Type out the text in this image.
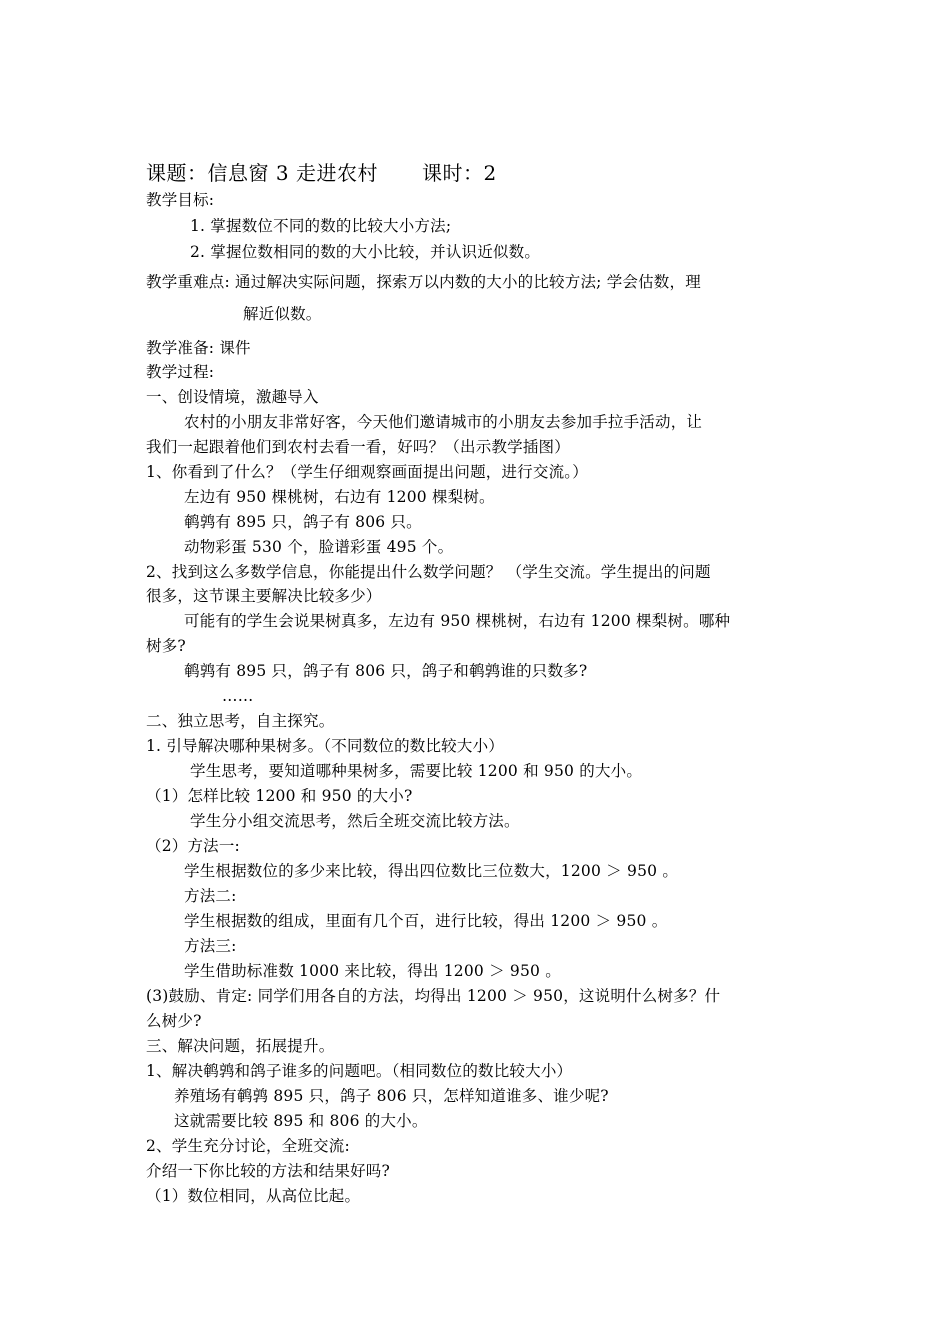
课题：信息窗 3 走进农村 课时：2
教学目标:
1. 掌握数位不同的数的比较大小方法;
2. 掌握位数相同的数的大小比较，并认识近似数。
教学重难点: 通过解决实际问题，探索万以内数的大小的比较方法; 学会估数，理
解近似数。
教学准备: 课件
教学过程:
一、创设情境，激趣导入
农村的小朋友非常好客，今天他们邀请城市的小朋友去参加手拉手活动，让
我们一起跟着他们到农村去看一看，好吗？（出示教学插图）
1、你看到了什么？（学生仔细观察画面提出问题，进行交流。）
左边有 950 棵桃树，右边有 1200 棵梨树。
鹌鹑有 895 只，鸽子有 806 只。
动物彩蛋 530 个，脸谱彩蛋 495 个。
2、找到这么多数学信息，你能提出什么数学问题？ （学生交流。学生提出的问题
很多，这节课主要解决比较多少）
可能有的学生会说果树真多，左边有 950 棵桃树，右边有 1200 棵梨树。哪种
树多?
鹌鹑有 895 只，鸽子有 806 只，鸽子和鹌鹑谁的只数多?
……
二、独立思考，自主探究。
1. 引导解决哪种果树多。（不同数位的数比较大小）
学生思考，要知道哪种果树多，需要比较 1200 和 950 的大小。
（1）怎样比较 1200 和 950 的大小?
学生分小组交流思考，然后全班交流比较方法。
（2）方法一:
学生根据数位的多少来比较，得出四位数比三位数大，1200 ＞ 950 。
方法二:
学生根据数的组成，里面有几个百，进行比较，得出 1200 ＞ 950 。
方法三:
学生借助标准数 1000 来比较，得出 1200 ＞ 950 。
(3)鼓励、肯定: 同学们用各自的方法，均得出 1200 ＞ 950，这说明什么树多？什
么树少?
三、解决问题，拓展提升。
1、解决鹌鹑和鸽子谁多的问题吧。（相同数位的数比较大小）
养殖场有鹌鹑 895 只，鸽子 806 只，怎样知道谁多、谁少呢?
这就需要比较 895 和 806 的大小。
2、学生充分讨论，全班交流:
介绍一下你比较的方法和结果好吗?
（1）数位相同，从高位比起。
